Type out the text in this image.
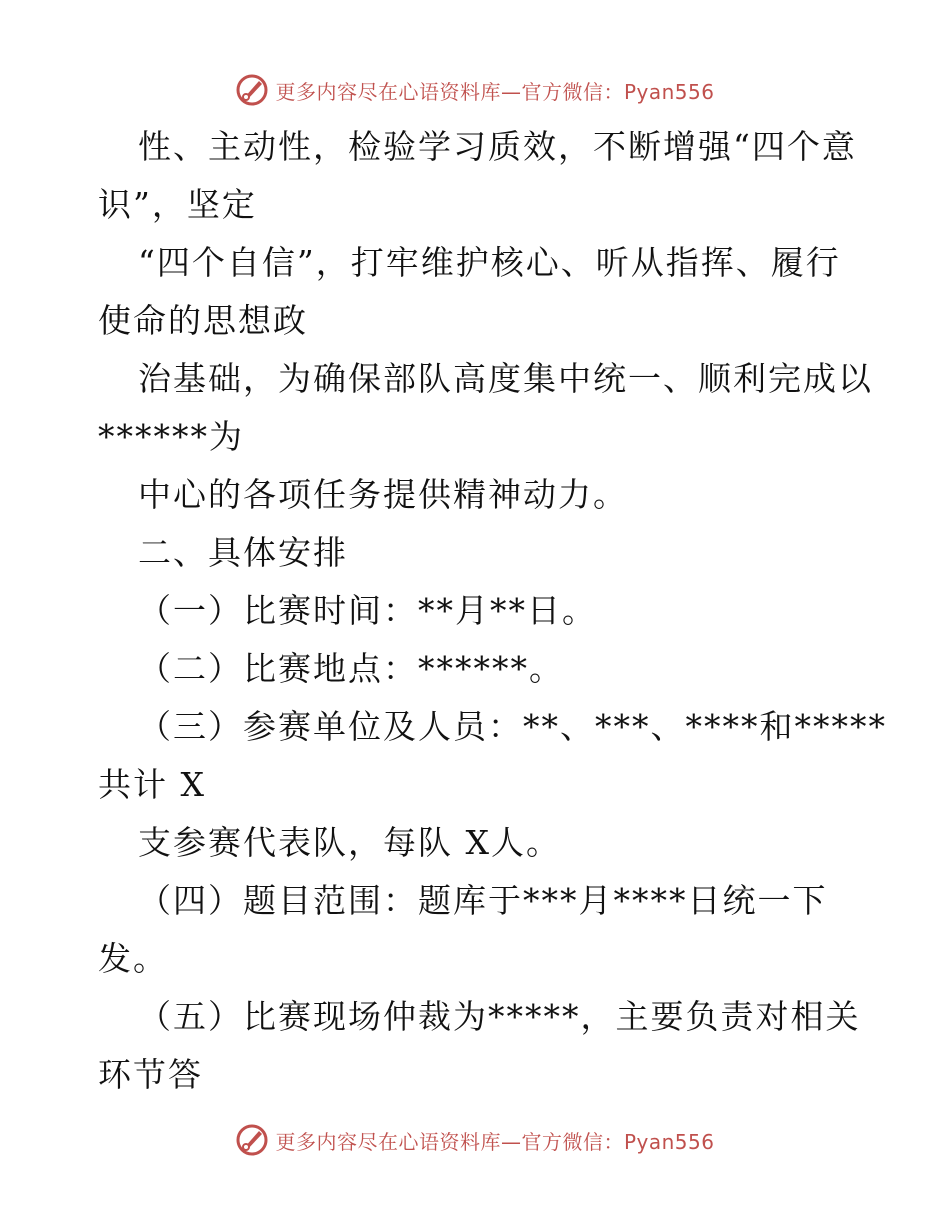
更多内容尽在心语资料库—官方微信：Pyan556
性、主动性，检验学习质效，不断增强“四个意
识”，坚定
“四个自信”，打牢维护核心、听从指挥、履行
使命的思想政
治基础，为确保部队高度集中统一、顺利完成以
******为
中心的各项任务提供精神动力。
二、具体安排
（一）比赛时间：**月**日。
（二）比赛地点：******。
（三）参赛单位及人员：**、***、****和*****
共计 X
支参赛代表队，每队 X人。
（四）题目范围：题库于***月****日统一下
发。
（五）比赛现场仲裁为*****，主要负责对相关
环节答
更多内容尽在心语资料库—官方微信：Pyan556
